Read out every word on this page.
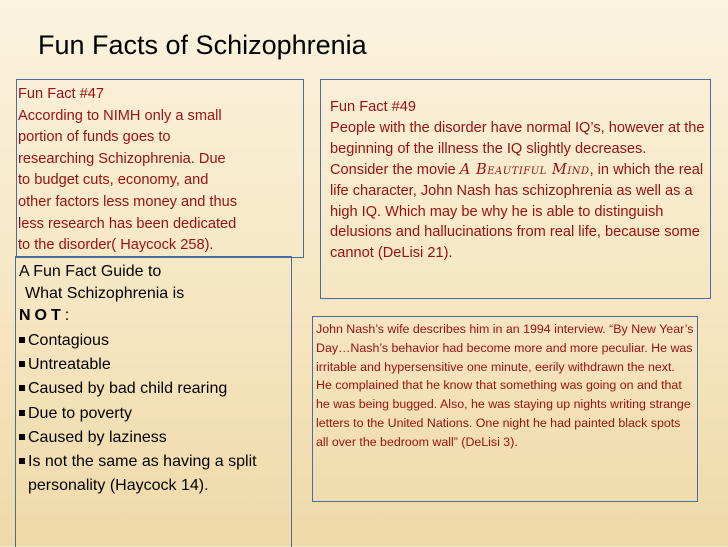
Fun Facts of Schizophrenia
Fun Fact #47
According to NIMH only a small
portion of funds goes to
researching Schizophrenia. Due
to budget cuts, economy, and
other factors less money and thus
less research has been dedicated
to the disorder( Haycock 258).
Fun Fact #49
People with the disorder have normal IQ’s, however at the beginning of the illness the IQ slightly decreases. Consider the movie A Beautiful Mind, in which the real life character, John Nash has schizophrenia as well as a high IQ. Which may be why he is able to distinguish delusions and hallucinations from real life, because some cannot (DeLisi 21).
A Fun Fact Guide to
What Schizophrenia is
NOT:
Contagious
Untreatable
Caused by bad child rearing
Due to poverty
Caused by laziness
Is not the same as having a split personality (Haycock 14).
John Nash’s wife describes him in an 1994 interview. “By New Year’s Day…Nash’s behavior had become more and more peculiar. He was irritable and hypersensitive one minute, eerily withdrawn the next. He complained that he know that something was going on and that he was being bugged. Also, he was staying up nights writing strange letters to the United Nations. One night he had painted black spots all over the bedroom wall” (DeLisi 3).
